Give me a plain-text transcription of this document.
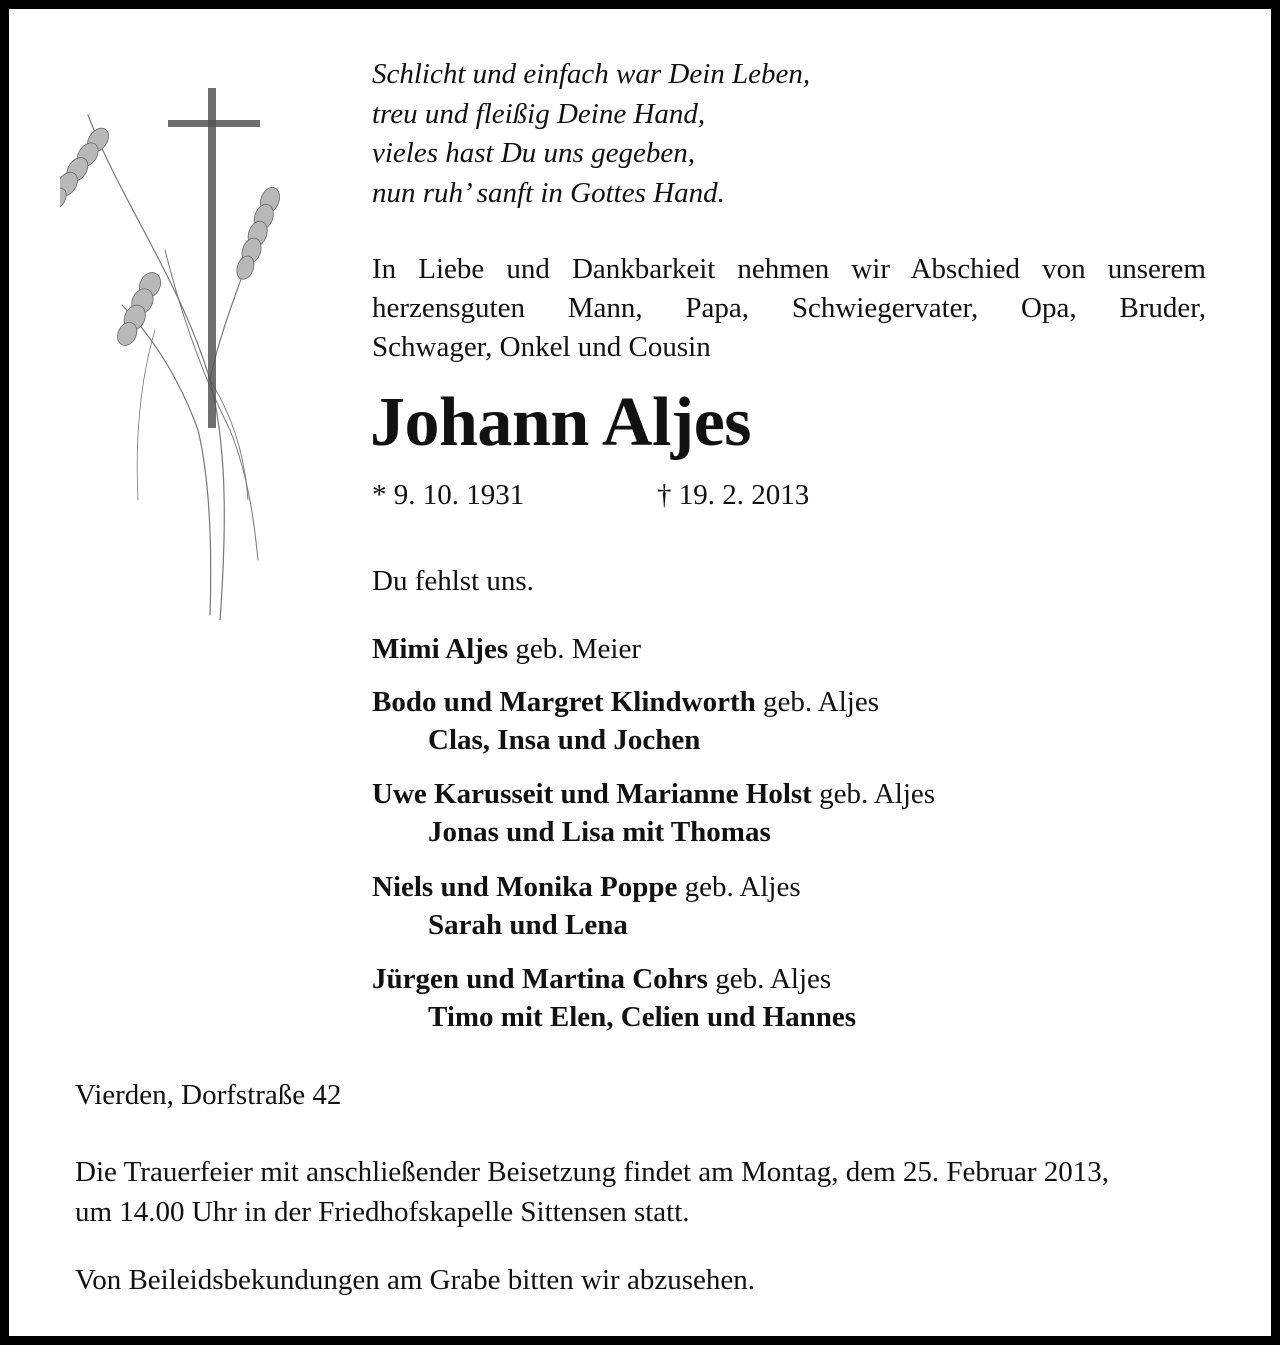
Schlicht und einfach war Dein Leben,
treu und fleißig Deine Hand,
vieles hast Du uns gegeben,
nun ruh’ sanft in Gottes Hand.
In Liebe und Dankbarkeit nehmen wir Abschied von unserem
herzensguten Mann, Papa, Schwiegervater, Opa, Bruder,
Schwager, Onkel und Cousin
Johann Aljes
* 9. 10. 1931	† 19. 2. 2013
Du fehlst uns.
Mimi Aljes geb. Meier
Bodo und Margret Klindworth geb. Aljes
Clas, Insa und Jochen
Uwe Karusseit und Marianne Holst geb. Aljes
Jonas und Lisa mit Thomas
Niels und Monika Poppe geb. Aljes
Sarah und Lena
Jürgen und Martina Cohrs geb. Aljes
Timo mit Elen, Celien und Hannes
Vierden, Dorfstraße 42
Die Trauerfeier mit anschließender Beisetzung findet am Montag, dem 25. Februar 2013,
um 14.00 Uhr in der Friedhofskapelle Sittensen statt.
Von Beileidsbekundungen am Grabe bitten wir abzusehen.
